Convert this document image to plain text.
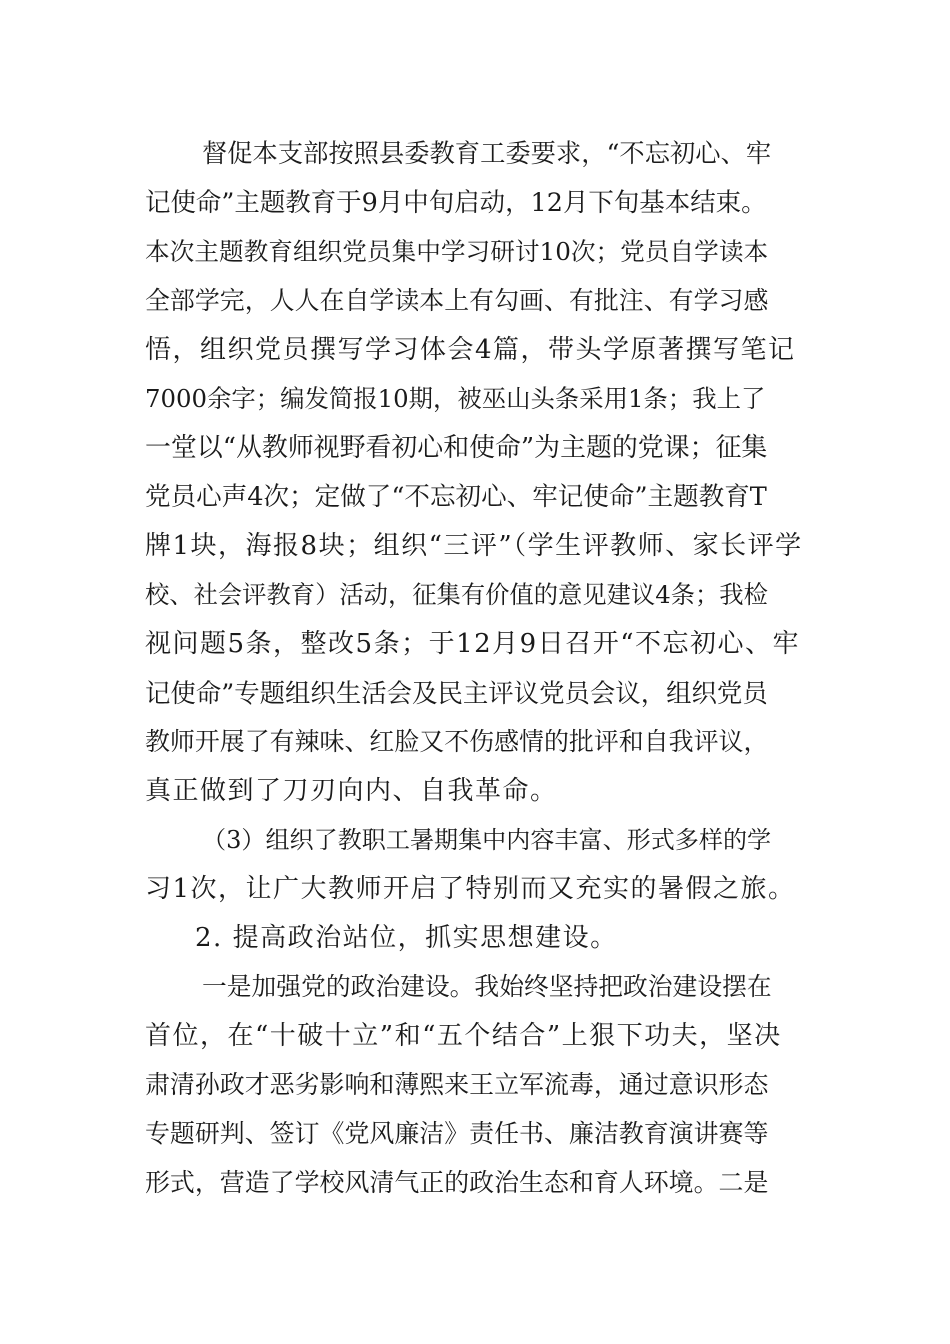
督促本支部按照县委教育工委要求，“不忘初心、牢
记使命”主题教育于9月中旬启动，12月下旬基本结束。
本次主题教育组织党员集中学习研讨10次；党员自学读本
全部学完，人人在自学读本上有勾画、有批注、有学习感
悟，组织党员撰写学习体会4篇，带头学原著撰写笔记
7000余字；编发简报10期，被巫山头条采用1条；我上了
一堂以“从教师视野看初心和使命”为主题的党课；征集
党员心声4次；定做了“不忘初心、牢记使命”主题教育T
牌1块，海报8块；组织“三评”（学生评教师、家长评学
校、社会评教育）活动，征集有价值的意见建议4条；我检
视问题5条，整改5条；于12月9日召开“不忘初心、牢
记使命”专题组织生活会及民主评议党员会议，组织党员
教师开展了有辣味、红脸又不伤感情的批评和自我评议，
真正做到了刀刃向内、自我革命。
（3）组织了教职工暑期集中内容丰富、形式多样的学
习1次，让广大教师开启了特别而又充实的暑假之旅。
2. 提高政治站位，抓实思想建设。
一是加强党的政治建设。我始终坚持把政治建设摆在
首位，在“十破十立”和“五个结合”上狠下功夫，坚决
肃清孙政才恶劣影响和薄熙来王立军流毒，通过意识形态
专题研判、签订《党风廉洁》责任书、廉洁教育演讲赛等
形式，营造了学校风清气正的政治生态和育人环境。二是
